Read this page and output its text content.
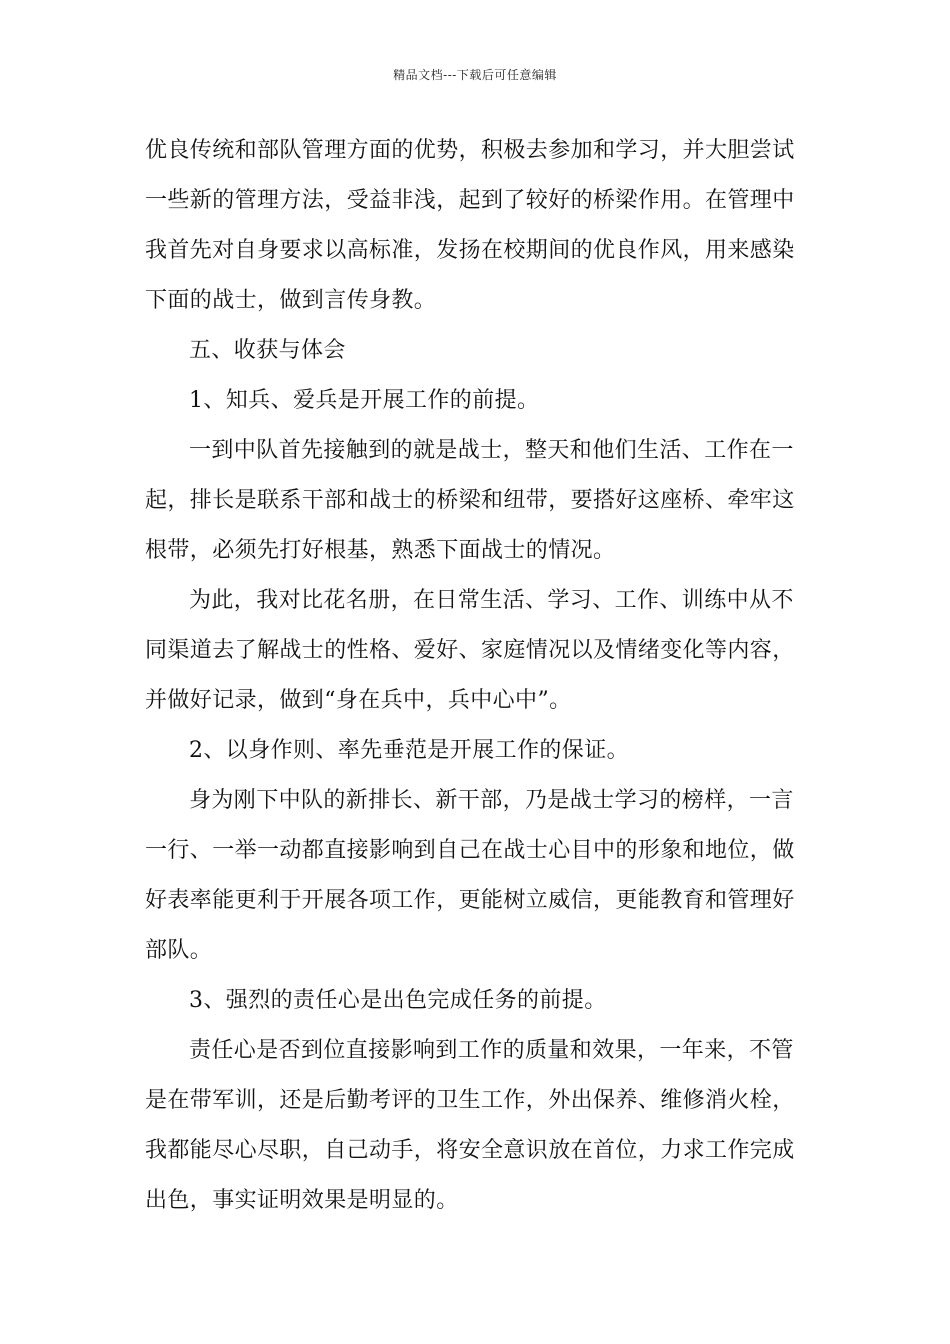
精品文档---下载后可任意编辑
优良传统和部队管理方面的优势，积极去参加和学习，并大胆尝试
一些新的管理方法，受益非浅，起到了较好的桥梁作用。在管理中
我首先对自身要求以高标准，发扬在校期间的优良作风，用来感染
下面的战士，做到言传身教。
五、收获与体会
1、知兵、爱兵是开展工作的前提。
一到中队首先接触到的就是战士，整天和他们生活、工作在一
起，排长是联系干部和战士的桥梁和纽带，要搭好这座桥、牵牢这
根带，必须先打好根基，熟悉下面战士的情况。
为此，我对比花名册，在日常生活、学习、工作、训练中从不
同渠道去了解战士的性格、爱好、家庭情况以及情绪变化等内容，
并做好记录，做到“身在兵中，兵中心中”。
2、以身作则、率先垂范是开展工作的保证。
身为刚下中队的新排长、新干部，乃是战士学习的榜样，一言
一行、一举一动都直接影响到自己在战士心目中的形象和地位，做
好表率能更利于开展各项工作，更能树立威信，更能教育和管理好
部队。
3、强烈的责任心是出色完成任务的前提。
责任心是否到位直接影响到工作的质量和效果，一年来，不管
是在带军训，还是后勤考评的卫生工作，外出保养、维修消火栓，
我都能尽心尽职，自己动手，将安全意识放在首位，力求工作完成
出色，事实证明效果是明显的。
